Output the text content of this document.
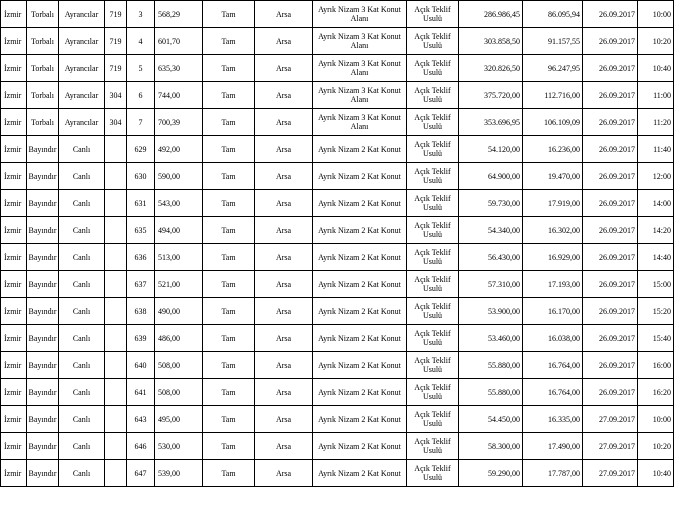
İzmir	Torbalı	Ayrancılar	719	3	568,29	Tam	Arsa	Ayrık Nizam 3 Kat Konut Alanı	Açık Teklif Usulü	286.986,45	86.095,94	26.09.2017	10:00
İzmir	Torbalı	Ayrancılar	719	4	601,70	Tam	Arsa	Ayrık Nizam 3 Kat Konut Alanı	Açık Teklif Usulü	303.858,50	91.157,55	26.09.2017	10:20
İzmir	Torbalı	Ayrancılar	719	5	635,30	Tam	Arsa	Ayrık Nizam 3 Kat Konut Alanı	Açık Teklif Usulü	320.826,50	96.247,95	26.09.2017	10:40
İzmir	Torbalı	Ayrancılar	304	6	744,00	Tam	Arsa	Ayrık Nizam 3 Kat Konut Alanı	Açık Teklif Usulü	375.720,00	112.716,00	26.09.2017	11:00
İzmir	Torbalı	Ayrancılar	304	7	700,39	Tam	Arsa	Ayrık Nizam 3 Kat Konut Alanı	Açık Teklif Usulü	353.696,95	106.109,09	26.09.2017	11:20
İzmir	Bayındır	Canlı		629	492,00	Tam	Arsa	Ayrık Nizam 2 Kat Konut	Açık Teklif Usulü	54.120,00	16.236,00	26.09.2017	11:40
İzmir	Bayındır	Canlı		630	590,00	Tam	Arsa	Ayrık Nizam 2 Kat Konut	Açık Teklif Usulü	64.900,00	19.470,00	26.09.2017	12:00
İzmir	Bayındır	Canlı		631	543,00	Tam	Arsa	Ayrık Nizam 2 Kat Konut	Açık Teklif Usulü	59.730,00	17.919,00	26.09.2017	14:00
İzmir	Bayındır	Canlı		635	494,00	Tam	Arsa	Ayrık Nizam 2 Kat Konut	Açık Teklif Usulü	54.340,00	16.302,00	26.09.2017	14:20
İzmir	Bayındır	Canlı		636	513,00	Tam	Arsa	Ayrık Nizam 2 Kat Konut	Açık Teklif Usulü	56.430,00	16.929,00	26.09.2017	14:40
İzmir	Bayındır	Canlı		637	521,00	Tam	Arsa	Ayrık Nizam 2 Kat Konut	Açık Teklif Usulü	57.310,00	17.193,00	26.09.2017	15:00
İzmir	Bayındır	Canlı		638	490,00	Tam	Arsa	Ayrık Nizam 2 Kat Konut	Açık Teklif Usulü	53.900,00	16.170,00	26.09.2017	15:20
İzmir	Bayındır	Canlı		639	486,00	Tam	Arsa	Ayrık Nizam 2 Kat Konut	Açık Teklif Usulü	53.460,00	16.038,00	26.09.2017	15:40
İzmir	Bayındır	Canlı		640	508,00	Tam	Arsa	Ayrık Nizam 2 Kat Konut	Açık Teklif Usulü	55.880,00	16.764,00	26.09.2017	16:00
İzmir	Bayındır	Canlı		641	508,00	Tam	Arsa	Ayrık Nizam 2 Kat Konut	Açık Teklif Usulü	55.880,00	16.764,00	26.09.2017	16:20
İzmir	Bayındır	Canlı		643	495,00	Tam	Arsa	Ayrık Nizam 2 Kat Konut	Açık Teklif Usulü	54.450,00	16.335,00	27.09.2017	10:00
İzmir	Bayındır	Canlı		646	530,00	Tam	Arsa	Ayrık Nizam 2 Kat Konut	Açık Teklif Usulü	58.300,00	17.490,00	27.09.2017	10:20
İzmir	Bayındır	Canlı		647	539,00	Tam	Arsa	Ayrık Nizam 2 Kat Konut	Açık Teklif Usulü	59.290,00	17.787,00	27.09.2017	10:40
